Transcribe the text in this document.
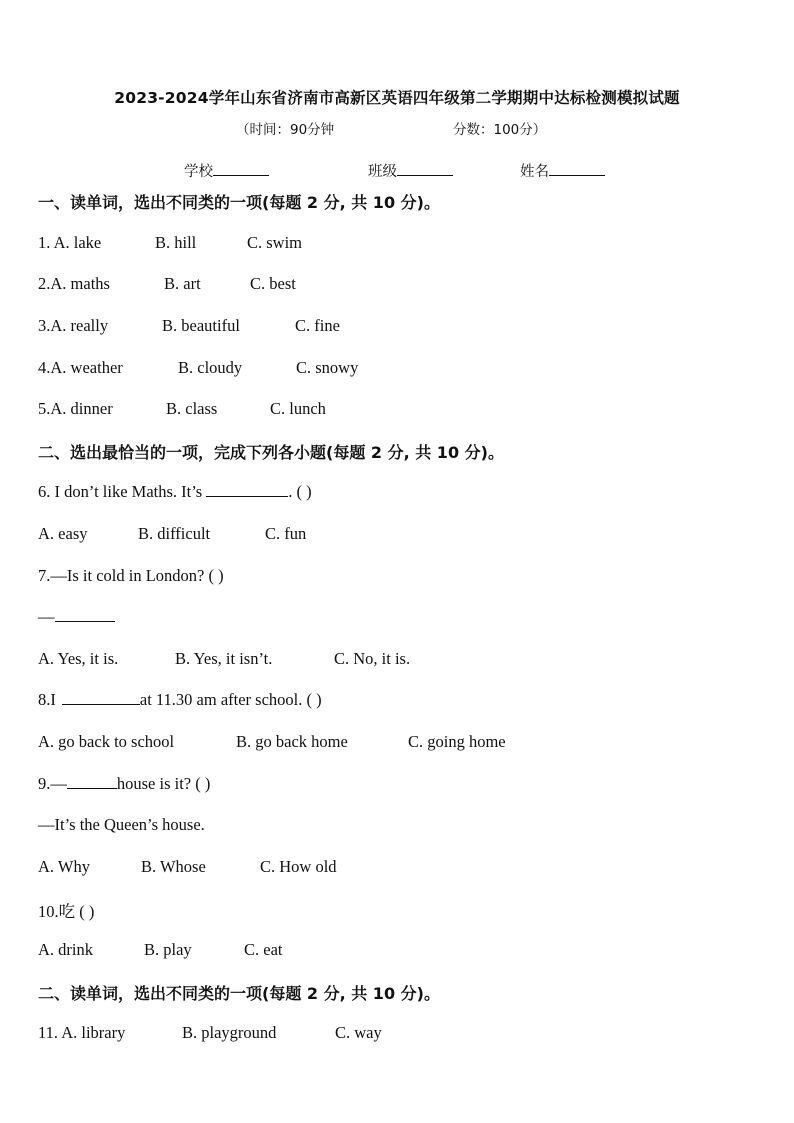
2023-2024学年山东省济南市高新区英语四年级第二学期期中达标检测模拟试题
（时间：90分钟	分数：100分）
学校	班级	姓名
一、读单词，选出不同类的一项(每题 2 分, 共 10 分)。
1. A. lake	B. hill	C. swim
2.A. maths	B. art	C. best
3.A. really	B. beautiful	C. fine
4.A. weather	B. cloudy	C. snowy
5.A. dinner	B. class	C. lunch
二、选出最恰当的一项，完成下列各小题(每题 2 分, 共 10 分)。
6. I don’t like Maths. It’s	. ( )
A. easy	B. difficult	C. fun
7.—Is it cold in London? ( )
—
A. Yes, it is.	B. Yes, it isn’t.	C. No, it is.
8.I	at 11.30 am after school. ( )
A. go back to school	B. go back home	C. going home
9.—	house is it? ( )
—It’s the Queen’s house.
A. Why	B. Whose	C. How old
10.吃 ( )
A. drink	B. play	C. eat
二、读单词，选出不同类的一项(每题 2 分, 共 10 分)。
11. A. library	B. playground	C. way
